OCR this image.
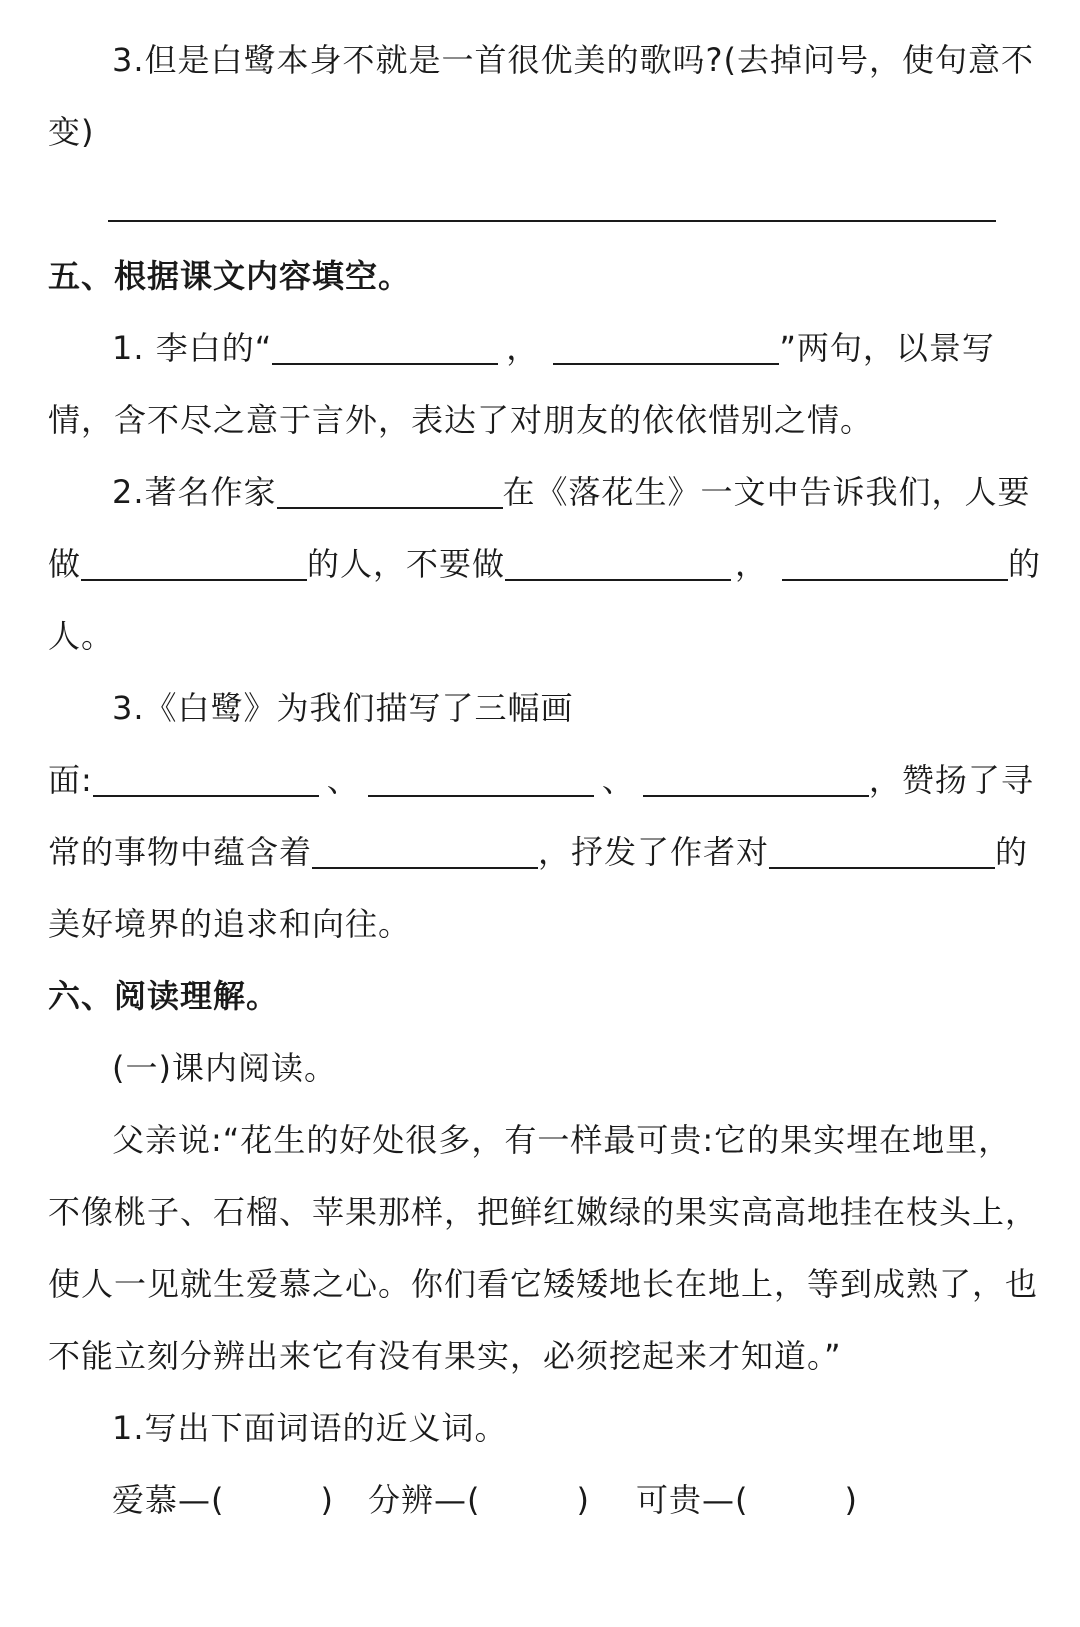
3.但是白鹭本身不就是一首很优美的歌吗?(去掉问号，使句意不
变)
五、根据课文内容填空。
1. 李白的“	，	”两句，以景写
情，含不尽之意于言外，表达了对朋友的依依惜别之情。
2.著名作家	在《落花生》一文中告诉我们，人要
做	的人，不要做	，	的
人。
3.《白鹭》为我们描写了三幅画
面:	、	、	，赞扬了寻
常的事物中蕴含着	，抒发了作者对	的
美好境界的追求和向往。
六、阅读理解。
(一)课内阅读。
父亲说:“花生的好处很多，有一样最可贵:它的果实埋在地里，
不像桃子、石榴、苹果那样，把鲜红嫩绿的果实高高地挂在枝头上，
使人一见就生爱慕之心。你们看它矮矮地长在地上，等到成熟了，也
不能立刻分辨出来它有没有果实，必须挖起来才知道。”
1.写出下面词语的近义词。
爱慕—(	) 分辨—(	) 可贵—(	)
